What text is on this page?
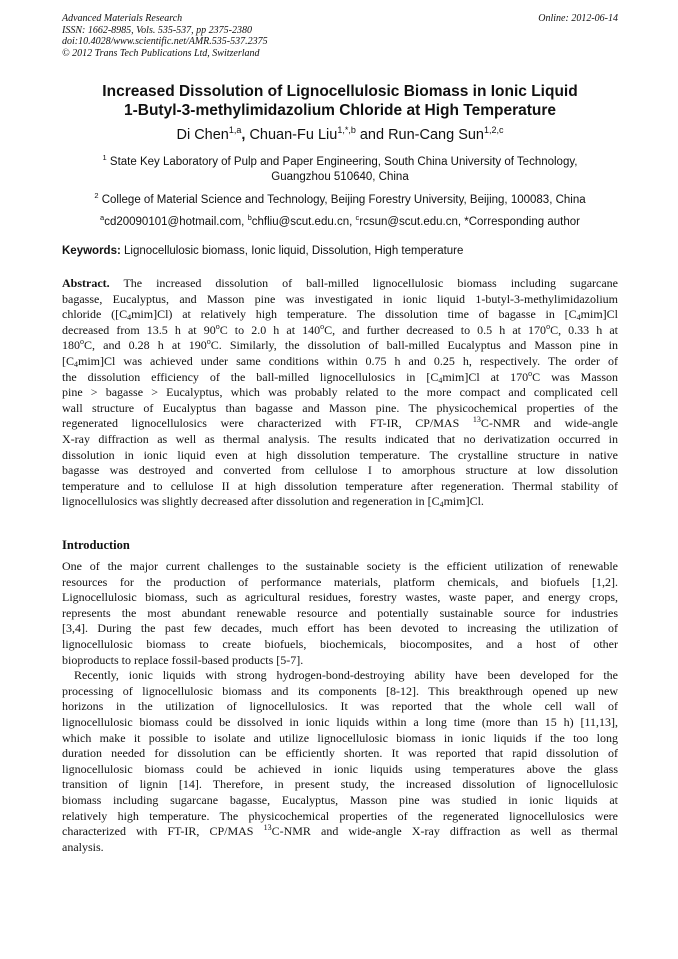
Advanced Materials Research
ISSN: 1662-8985, Vols. 535-537, pp 2375-2380
doi:10.4028/www.scientific.net/AMR.535-537.2375
© 2012 Trans Tech Publications Ltd, Switzerland
Online: 2012-06-14
Increased Dissolution of Lignocellulosic Biomass in Ionic Liquid
1-Butyl-3-methylimidazolium Chloride at High Temperature
Di Chen$^{1,a}$, Chuan-Fu Liu$^{1,*,b}$ and Run-Cang Sun$^{1,2,c}$
$^1$ State Key Laboratory of Pulp and Paper Engineering, South China University of Technology,
Guangzhou 510640, China
$^2$ College of Material Science and Technology, Beijing Forestry University, Beijing, 100083, China
$^a$cd20090101@hotmail.com, $^b$chfliu@scut.edu.cn, $^c$rcsun@scut.edu.cn, *Corresponding author
Keywords: Lignocellulosic biomass, Ionic liquid, Dissolution, High temperature
Abstract. The increased dissolution of ball-milled lignocellulosic biomass including sugarcane
bagasse, Eucalyptus, and Masson pine was investigated in ionic liquid 1-butyl-3-methylimidazolium
chloride $([C_4mim]Cl)$ at relatively high temperature. The dissolution time of bagasse in $[C_4mim]Cl$
decreased from 13.5 h at 90$^o$C to 2.0 h at 140$^o$C, and further decreased to 0.5 h at 170$^o$C, 0.33 h at
180$^o$C, and 0.28 h at 190$^o$C. Similarly, the dissolution of ball-milled Eucalyptus and Masson pine in
$[C_4mim]Cl$ was achieved under same conditions within 0.75 h and 0.25 h, respectively. The order of
the dissolution efficiency of the ball-milled lignocellulosics in $[C_4mim]Cl$ at 170$^o$C was Masson
pine > bagasse > Eucalyptus, which was probably related to the more compact and complicated cell
wall structure of Eucalyptus than bagasse and Masson pine. The physicochemical properties of the
regenerated lignocellulosics were characterized with FT-IR, CP/MAS $^{13}$C-NMR and wide-angle
X-ray diffraction as well as thermal analysis. The results indicated that no derivatization occurred in
dissolution in ionic liquid even at high dissolution temperature. The crystalline structure in native
bagasse was destroyed and converted from cellulose I to amorphous structure at low dissolution
temperature and to cellulose II at high dissolution temperature after regeneration. Thermal stability of
lignocellulosics was slightly decreased after dissolution and regeneration in $[C_4mim]Cl$.
Introduction
One of the major current challenges to the sustainable society is the efficient utilization of renewable
resources for the production of performance materials, platform chemicals, and biofuels [1,2].
Lignocellulosic biomass, such as agricultural residues, forestry wastes, waste paper, and energy crops,
represents the most abundant renewable resource and potentially sustainable source for industries
[3,4]. During the past few decades, much effort has been devoted to increasing the utilization of
lignocellulosic biomass to create biofuels, biochemicals, biocomposites, and a host of other
bioproducts to replace fossil-based products [5-7].
Recently, ionic liquids with strong hydrogen-bond-destroying ability have been developed for the
processing of lignocellulosic biomass and its components [8-12]. This breakthrough opened up new
horizons in the utilization of lignocellulosics. It was reported that the whole cell wall of
lignocellulosic biomass could be dissolved in ionic liquids within a long time (more than 15 h) [11,13],
which make it possible to isolate and utilize lignocellulosic biomass in ionic liquids if the too long
duration needed for dissolution can be efficiently shorten. It was reported that rapid dissolution of
lignocellulosic biomass could be achieved in ionic liquids using temperatures above the glass
transition of lignin [14]. Therefore, in present study, the increased dissolution of lignocellulosic
biomass including sugarcane bagasse, Eucalyptus, Masson pine was studied in ionic liquids at
relatively high temperature. The physicochemical properties of the regenerated lignocellulosics were
characterized with FT-IR, CP/MAS $^{13}$C-NMR and wide-angle X-ray diffraction as well as thermal
analysis.
